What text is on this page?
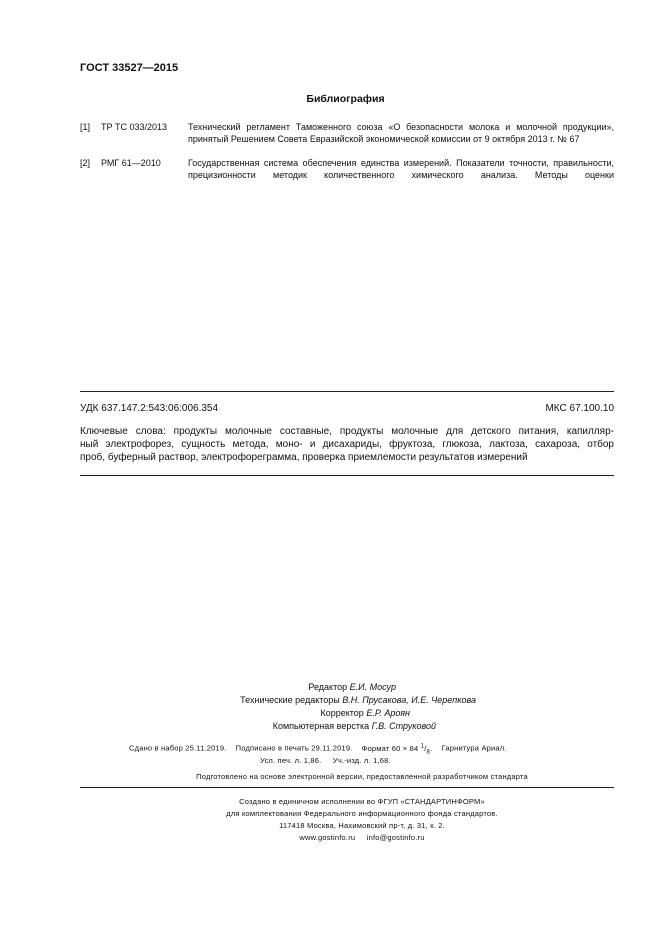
ГОСТ 33527—2015
Библиография
[1] ТР ТС 033/2013 Технический регламент Таможенного союза «О безопасности молока и молочной продукции», принятый Решением Совета Евразийской экономической комиссии от 9 октября 2013 г. № 67
[2] РМГ 61—2010	Государственная система обеспечения единства измерений. Показатели точности, правильности, прецизионности методик количественного химического анализа. Методы оценки
УДК 637.147.2:543:06:006.354	МКС 67.100.10
Ключевые слова: продукты молочные составные, продукты молочные для детского питания, капилляр-
ный электрофорез, сущность метода, моно- и дисахариды, фруктоза, глюкоза, лактоза, сахароза, отбор
проб, буферный раствор, электрофореграмма, проверка приемлемости результатов измерений
Редактор Е.И. Мосур
Технические редакторы В.Н. Прусакова, И.Е. Черепкова
Корректор Е.Р. Ароян
Компьютерная верстка Г.В. Струковой
Сдано в набор 25.11.2019. Подписано в печать 29.11.2019. Формат 60 × 84 $^1/_8$. Гарнитура Ариал.
Усл. печ. л. 1,86. Уч.-изд. л. 1,68.
Подготовлено на основе электронной версии, предоставленной разработчиком стандарта
Создано в единичном исполнении во ФГУП «СТАНДАРТИНФОРМ»
для комплектования Федерального информационного фонда стандартов.
117418 Москва, Нахимовский пр-т, д. 31, к. 2.
www.gostinfo.ru     info@gostinfo.ru
